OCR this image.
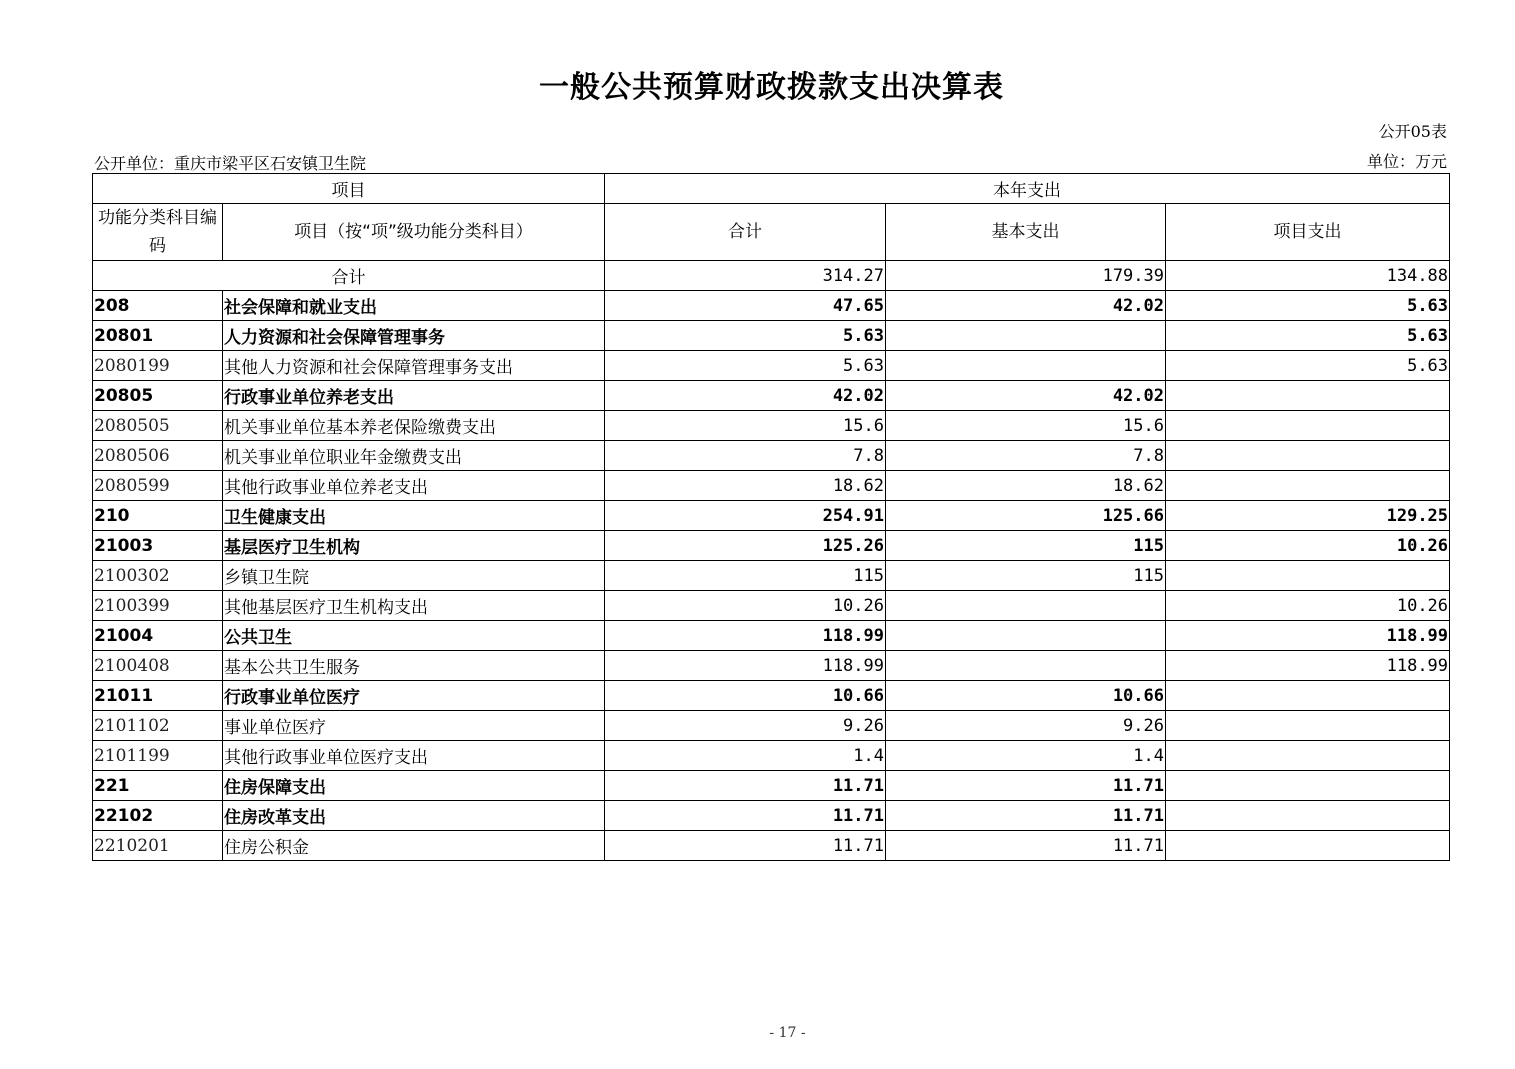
一般公共预算财政拨款支出决算表
公开05表
公开单位：重庆市梁平区石安镇卫生院	单位：万元
项目		本年支出		
功能分类科目编码	项目（按“项”级功能分类科目）	合计	基本支出	项目支出
合计		314.27	179.39	134.88
208	社会保障和就业支出	47.65	42.02	5.63
20801	人力资源和社会保障管理事务	5.63		5.63
2080199	其他人力资源和社会保障管理事务支出	5.63		5.63
20805	行政事业单位养老支出	42.02	42.02	
2080505	机关事业单位基本养老保险缴费支出	15.6	15.6	
2080506	机关事业单位职业年金缴费支出	7.8	7.8	
2080599	其他行政事业单位养老支出	18.62	18.62	
210	卫生健康支出	254.91	125.66	129.25
21003	基层医疗卫生机构	125.26	115	10.26
2100302	乡镇卫生院	115	115	
2100399	其他基层医疗卫生机构支出	10.26		10.26
21004	公共卫生	118.99		118.99
2100408	基本公共卫生服务	118.99		118.99
21011	行政事业单位医疗	10.66	10.66	
2101102	事业单位医疗	9.26	9.26	
2101199	其他行政事业单位医疗支出	1.4	1.4	
221	住房保障支出	11.71	11.71	
22102	住房改革支出	11.71	11.71	
2210201	住房公积金	11.71	11.71	
- 17 -
